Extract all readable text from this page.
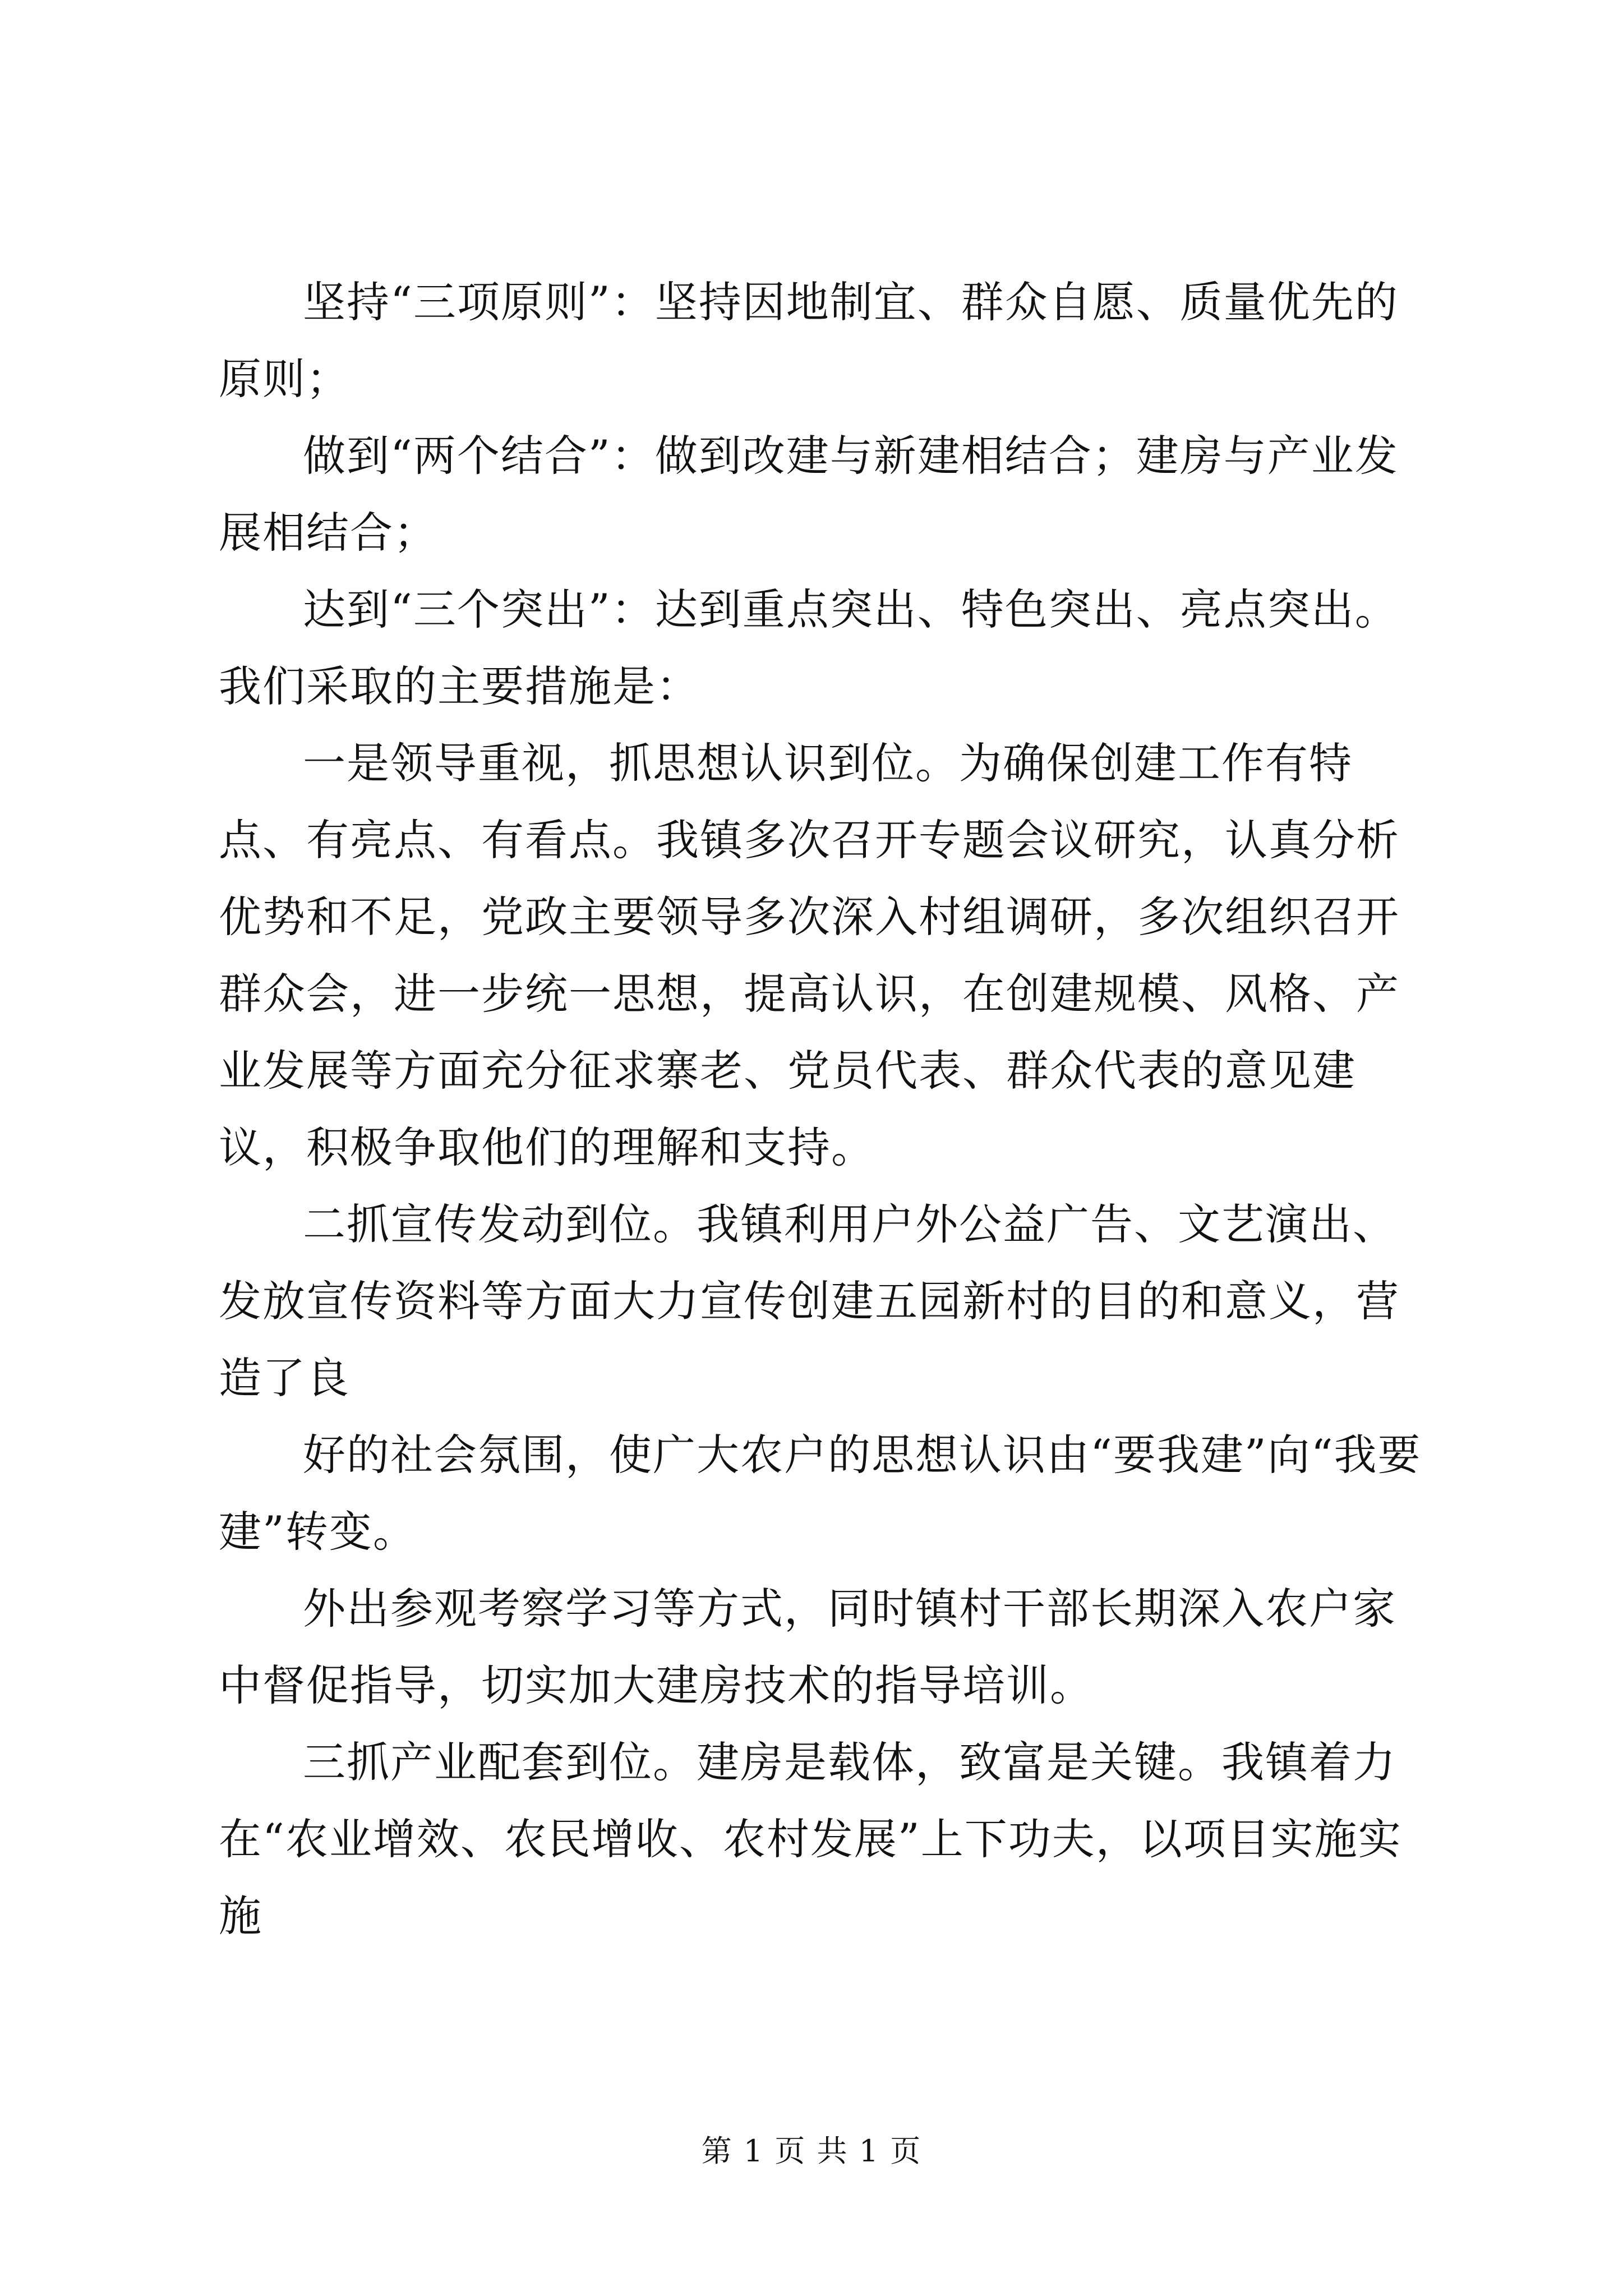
坚持“三项原则”：坚持因地制宜、群众自愿、质量优先的原则；

做到“两个结合”：做到改建与新建相结合；建房与产业发展相结合；

达到“三个突出”：达到重点突出、特色突出、亮点突出。

我们采取的主要措施是：

一是领导重视，抓思想认识到位。为确保创建工作有特点、有亮点、有看点。我镇多次召开专题会议研究，认真分析优势和不足，党政主要领导多次深入村组调研，多次组织召开群众会，进一步统一思想，提高认识，在创建规模、风格、产业发展等方面充分征求寨老、党员代表、群众代表的意见建议，积极争取他们的理解和支持。

二抓宣传发动到位。我镇利用户外公益广告、文艺演出、发放宣传资料等方面大力宣传创建五园新村的目的和意义，营造了良

好的社会氛围，使广大农户的思想认识由“要我建”向“我要建”转变。

外出参观考察学习等方式，同时镇村干部长期深入农户家中督促指导，切实加大建房技术的指导培训。

三抓产业配套到位。建房是载体，致富是关键。我镇着力在“农业增效、农民增收、农村发展”上下功夫，以项目实施实施

第 1 页 共 1 页
